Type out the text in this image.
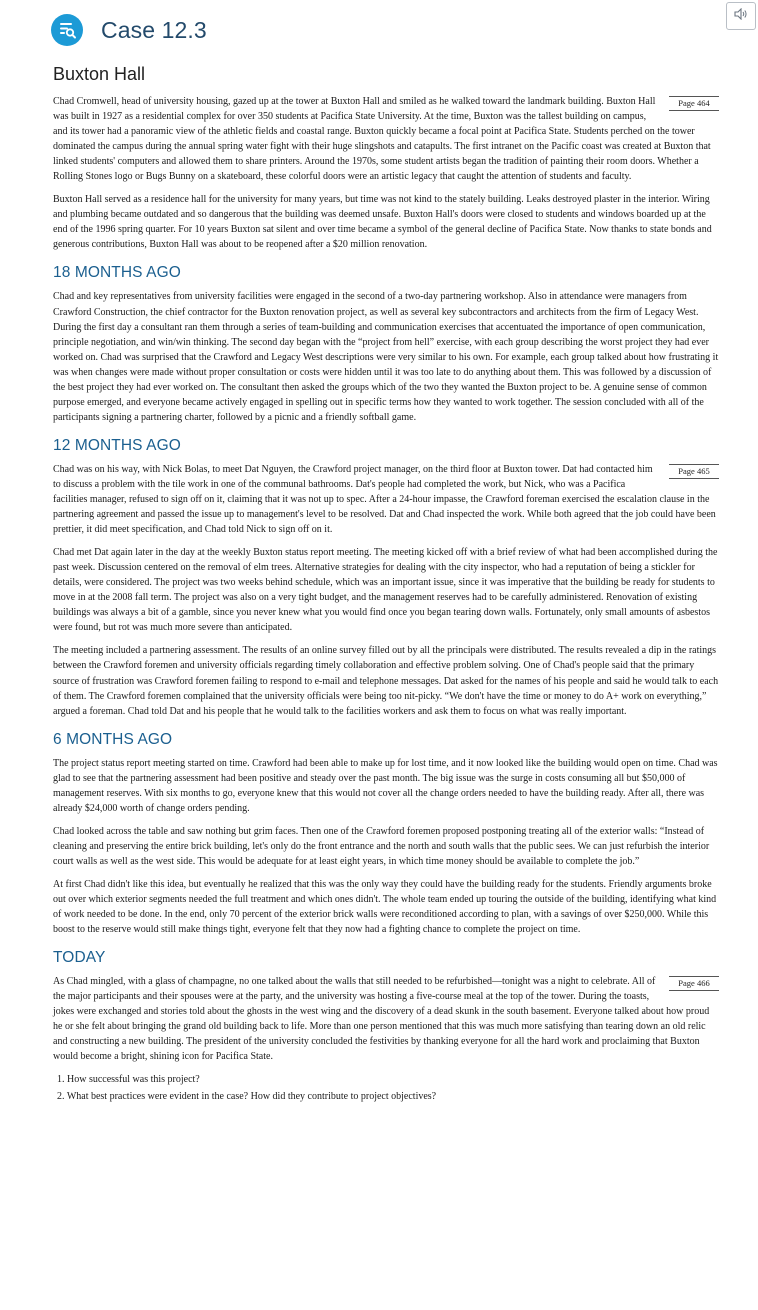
Case 12.3
Buxton Hall

Page 464
Chad Cromwell, head of university housing, gazed up at the tower at Buxton Hall and smiled as he walked toward the landmark building. Buxton Hall was built in 1927 as a residential complex for over 350 students at Pacifica State University. At the time, Buxton was the tallest building on campus, and its tower had a panoramic view of the athletic fields and coastal range. Buxton quickly became a focal point at Pacifica State. Students perched on the tower dominated the campus during the annual spring water fight with their huge slingshots and catapults. The first intranet on the Pacific coast was created at Buxton that linked students' computers and allowed them to share printers. Around the 1970s, some student artists began the tradition of painting their room doors. Whether a Rolling Stones logo or Bugs Bunny on a skateboard, these colorful doors were an artistic legacy that caught the attention of students and faculty.

Buxton Hall served as a residence hall for the university for many years, but time was not kind to the stately building. Leaks destroyed plaster in the interior. Wiring and plumbing became outdated and so dangerous that the building was deemed unsafe. Buxton Hall's doors were closed to students and windows boarded up at the end of the 1996 spring quarter. For 10 years Buxton sat silent and over time became a symbol of the general decline of Pacifica State. Now thanks to state bonds and generous contributions, Buxton Hall was about to be reopened after a $20 million renovation.

18 MONTHS AGO

Chad and key representatives from university facilities were engaged in the second of a two-day partnering workshop. Also in attendance were managers from Crawford Construction, the chief contractor for the Buxton renovation project, as well as several key subcontractors and architects from the firm of Legacy West. During the first day a consultant ran them through a series of team-building and communication exercises that accentuated the importance of open communication, principle negotiation, and win/win thinking. The second day began with the “project from hell” exercise, with each group describing the worst project they had ever worked on. Chad was surprised that the Crawford and Legacy West descriptions were very similar to his own. For example, each group talked about how frustrating it was when changes were made without proper consultation or costs were hidden until it was too late to do anything about them. This was followed by a discussion of the best project they had ever worked on. The consultant then asked the groups which of the two they wanted the Buxton project to be. A genuine sense of common purpose emerged, and everyone became actively engaged in spelling out in specific terms how they wanted to work together. The session concluded with all of the participants signing a partnering charter, followed by a picnic and a friendly softball game.

12 MONTHS AGO

Page 465
Chad was on his way, with Nick Bolas, to meet Dat Nguyen, the Crawford project manager, on the third floor at Buxton tower. Dat had contacted him to discuss a problem with the tile work in one of the communal bathrooms. Dat's people had completed the work, but Nick, who was a Pacifica facilities manager, refused to sign off on it, claiming that it was not up to spec. After a 24-hour impasse, the Crawford foreman exercised the escalation clause in the partnering agreement and passed the issue up to management's level to be resolved. Dat and Chad inspected the work. While both agreed that the job could have been prettier, it did meet specification, and Chad told Nick to sign off on it.

Chad met Dat again later in the day at the weekly Buxton status report meeting. The meeting kicked off with a brief review of what had been accomplished during the past week. Discussion centered on the removal of elm trees. Alternative strategies for dealing with the city inspector, who had a reputation of being a stickler for details, were considered. The project was two weeks behind schedule, which was an important issue, since it was imperative that the building be ready for students to move in at the 2008 fall term. The project was also on a very tight budget, and the management reserves had to be carefully administered. Renovation of existing buildings was always a bit of a gamble, since you never knew what you would find once you began tearing down walls. Fortunately, only small amounts of asbestos were found, but rot was much more severe than anticipated.

The meeting included a partnering assessment. The results of an online survey filled out by all the principals were distributed. The results revealed a dip in the ratings between the Crawford foremen and university officials regarding timely collaboration and effective problem solving. One of Chad's people said that the primary source of frustration was Crawford foremen failing to respond to e-mail and telephone messages. Dat asked for the names of his people and said he would talk to each of them. The Crawford foremen complained that the university officials were being too nit-picky. “We don't have the time or money to do A+ work on everything,” argued a foreman. Chad told Dat and his people that he would talk to the facilities workers and ask them to focus on what was really important.

6 MONTHS AGO

The project status report meeting started on time. Crawford had been able to make up for lost time, and it now looked like the building would open on time. Chad was glad to see that the partnering assessment had been positive and steady over the past month. The big issue was the surge in costs consuming all but $50,000 of management reserves. With six months to go, everyone knew that this would not cover all the change orders needed to have the building ready. After all, there was already $24,000 worth of change orders pending.

Chad looked across the table and saw nothing but grim faces. Then one of the Crawford foremen proposed postponing treating all of the exterior walls: “Instead of cleaning and preserving the entire brick building, let's only do the front entrance and the north and south walls that the public sees. We can just refurbish the interior court walls as well as the west side. This would be adequate for at least eight years, in which time money should be available to complete the job.”

At first Chad didn't like this idea, but eventually he realized that this was the only way they could have the building ready for the students. Friendly arguments broke out over which exterior segments needed the full treatment and which ones didn't. The whole team ended up touring the outside of the building, identifying what kind of work needed to be done. In the end, only 70 percent of the exterior brick walls were reconditioned according to plan, with a savings of over $250,000. While this boost to the reserve would still make things tight, everyone felt that they now had a fighting chance to complete the project on time.

TODAY

Page 466
As Chad mingled, with a glass of champagne, no one talked about the walls that still needed to be refurbished—tonight was a night to celebrate. All of the major participants and their spouses were at the party, and the university was hosting a five-course meal at the top of the tower. During the toasts, jokes were exchanged and stories told about the ghosts in the west wing and the discovery of a dead skunk in the south basement. Everyone talked about how proud he or she felt about bringing the grand old building back to life. More than one person mentioned that this was much more satisfying than tearing down an old relic and constructing a new building. The president of the university concluded the festivities by thanking everyone for all the hard work and proclaiming that Buxton would become a bright, shining icon for Pacifica State.

1. How successful was this project?
2. What best practices were evident in the case? How did they contribute to project objectives?
